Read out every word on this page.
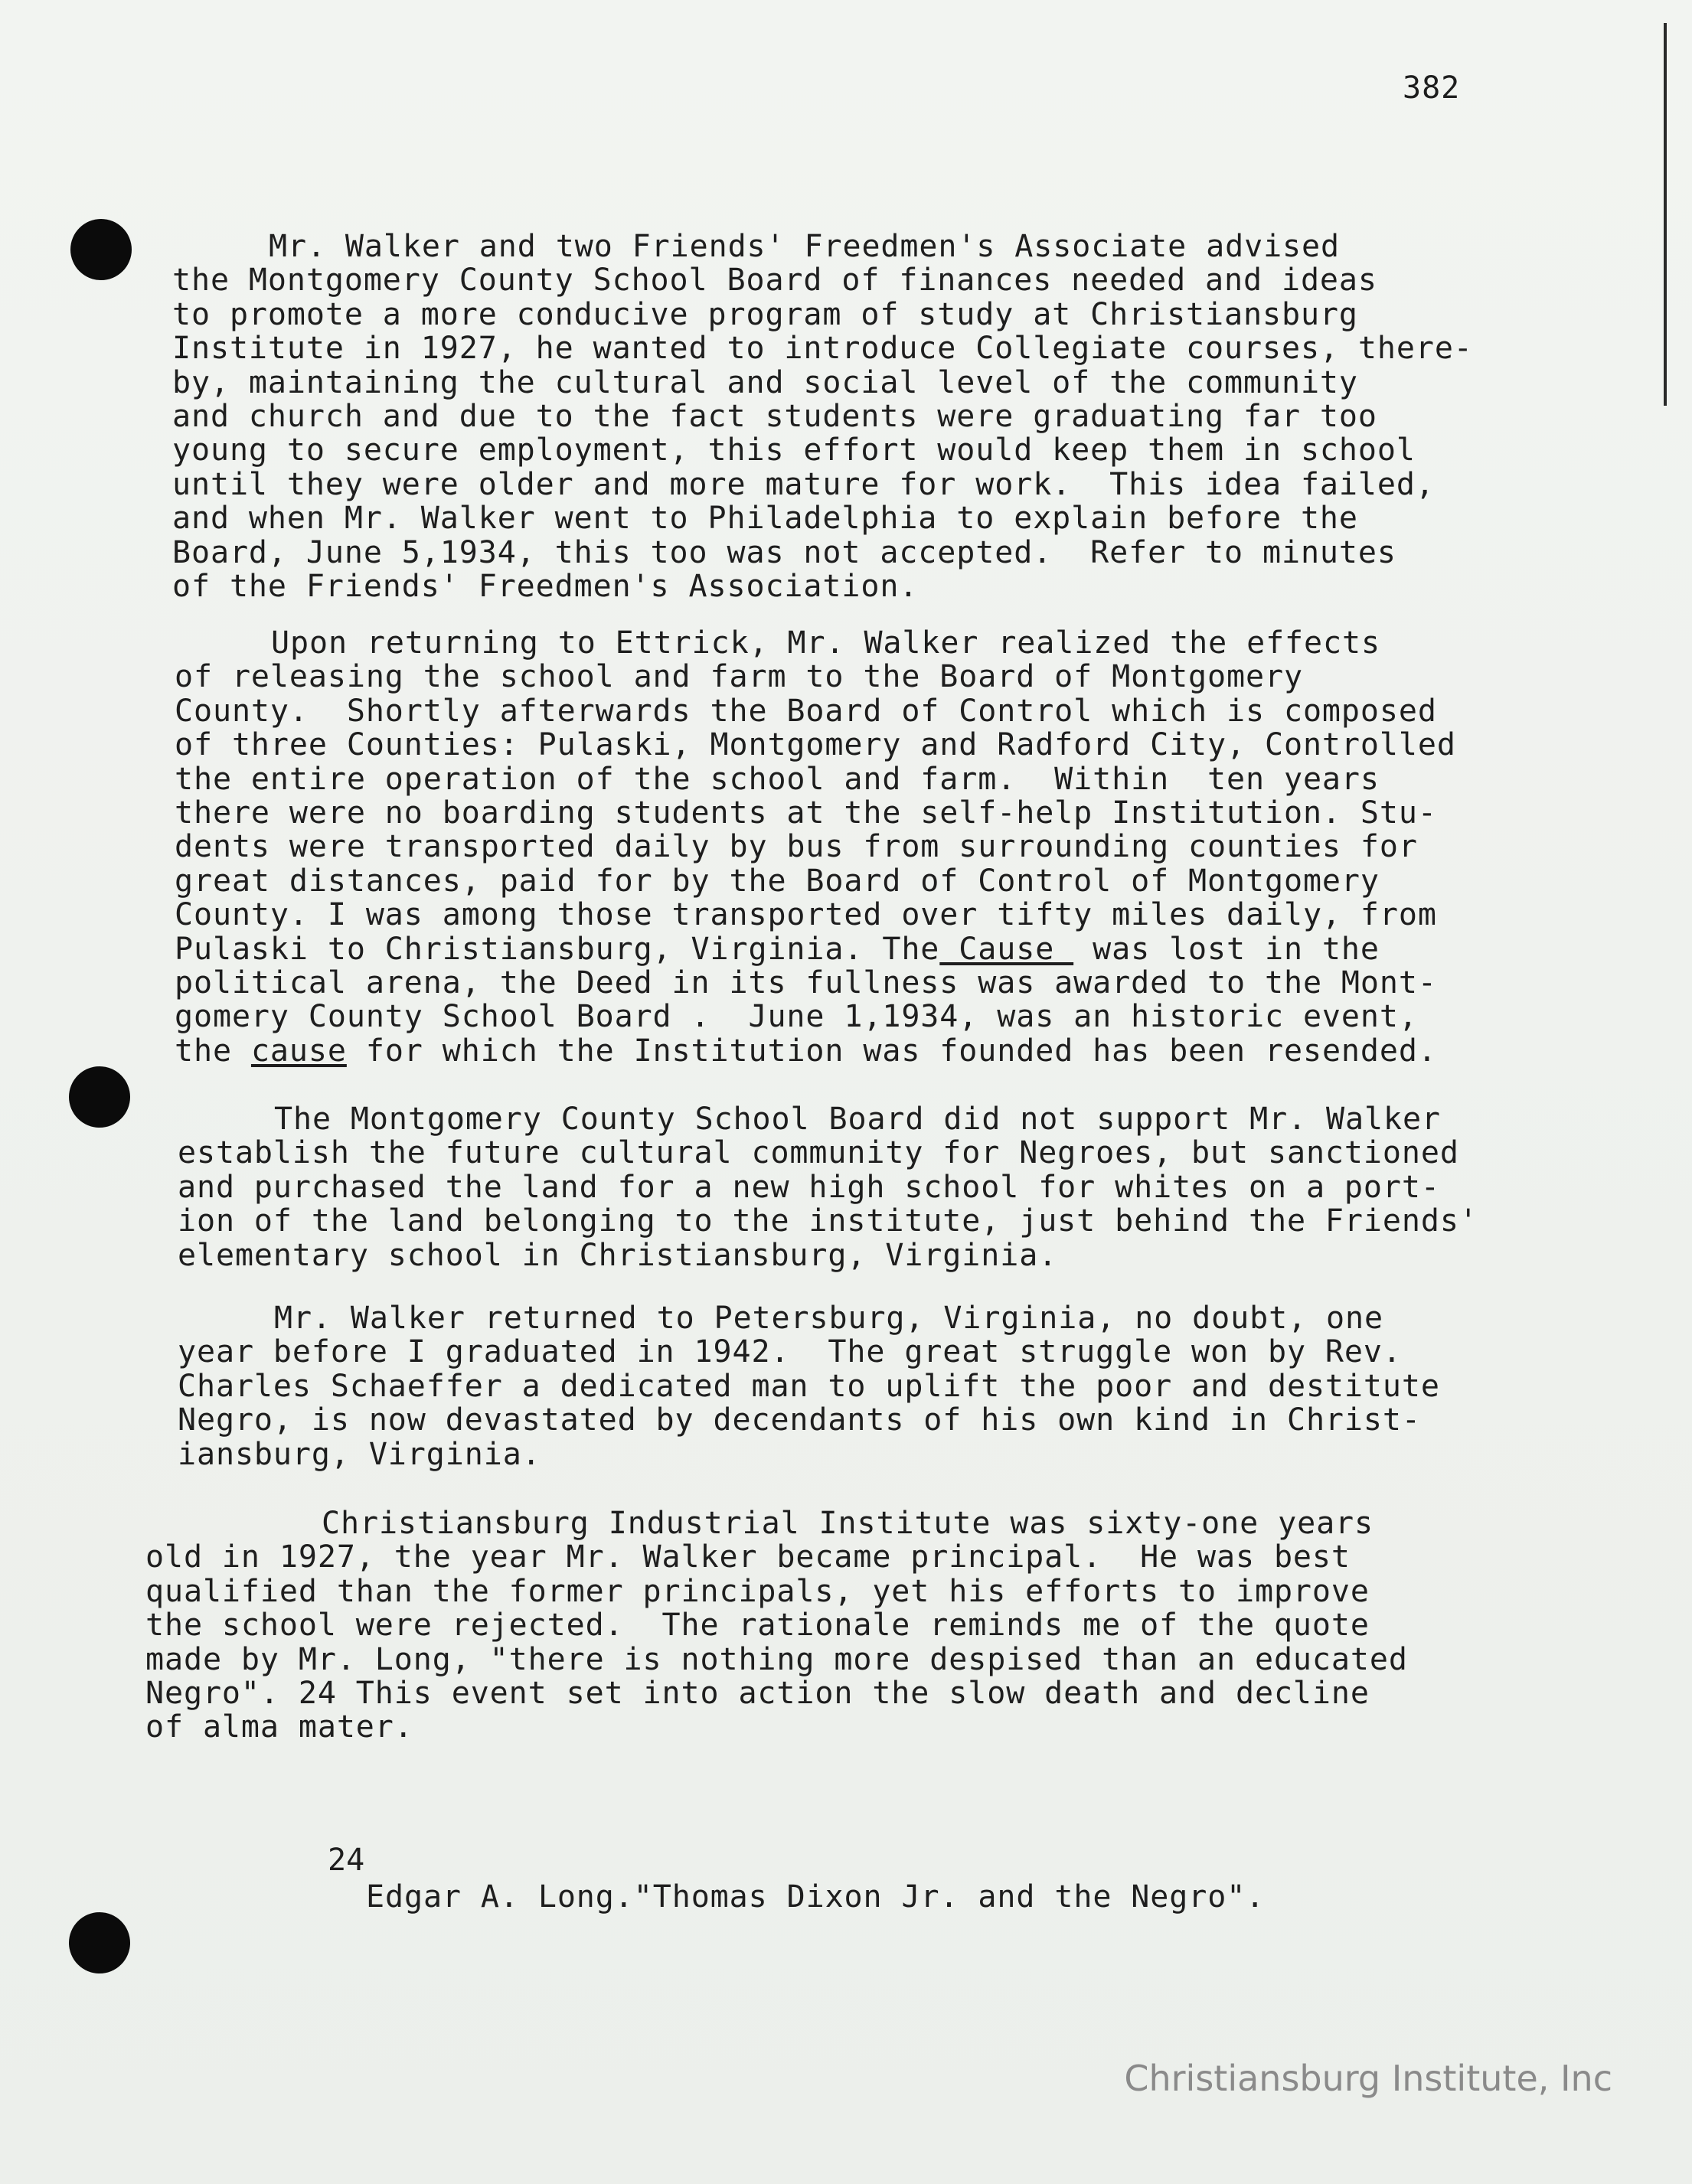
382
Mr. Walker and two Friends' Freedmen's Associate advised
the Montgomery County School Board of finances needed and ideas
to promote a more conducive program of study at Christiansburg
Institute in 1927, he wanted to introduce Collegiate courses, there-
by, maintaining the cultural and social level of the community
and church and due to the fact students were graduating far too
young to secure employment, this effort would keep them in school
until they were older and more mature for work.  This idea failed,
and when Mr. Walker went to Philadelphia to explain before the
Board, June 5,1934, this too was not accepted.  Refer to minutes
of the Friends' Freedmen's Association.
Upon returning to Ettrick, Mr. Walker realized the effects
of releasing the school and farm to the Board of Montgomery
County.  Shortly afterwards the Board of Control which is composed
of three Counties: Pulaski, Montgomery and Radford City, Controlled
the entire operation of the school and farm.  Within  ten years
there were no boarding students at the self-help Institution. Stu-
dents were transported daily by bus from surrounding counties for
great distances, paid for by the Board of Control of Montgomery
County. I was among those transported over tifty miles daily, from
Pulaski to Christiansburg, Virginia. The Cause  was lost in the
political arena, the Deed in its fullness was awarded to the Mont-
gomery County School Board .  June 1,1934, was an historic event,
the cause for which the Institution was founded has been resended.
The Montgomery County School Board did not support Mr. Walker
establish the future cultural community for Negroes, but sanctioned
and purchased the land for a new high school for whites on a port-
ion of the land belonging to the institute, just behind the Friends'
elementary school in Christiansburg, Virginia.
Mr. Walker returned to Petersburg, Virginia, no doubt, one
year before I graduated in 1942.  The great struggle won by Rev.
Charles Schaeffer a dedicated man to uplift the poor and destitute
Negro, is now devastated by decendants of his own kind in Christ-
iansburg, Virginia.
Christiansburg Industrial Institute was sixty-one years
old in 1927, the year Mr. Walker became principal.  He was best
qualified than the former principals, yet his efforts to improve
the school were rejected.  The rationale reminds me of the quote
made by Mr. Long, "there is nothing more despised than an educated
Negro". 24 This event set into action the slow death and decline
of alma mater.
24
Edgar A. Long."Thomas Dixon Jr. and the Negro".
Christiansburg Institute, Inc
